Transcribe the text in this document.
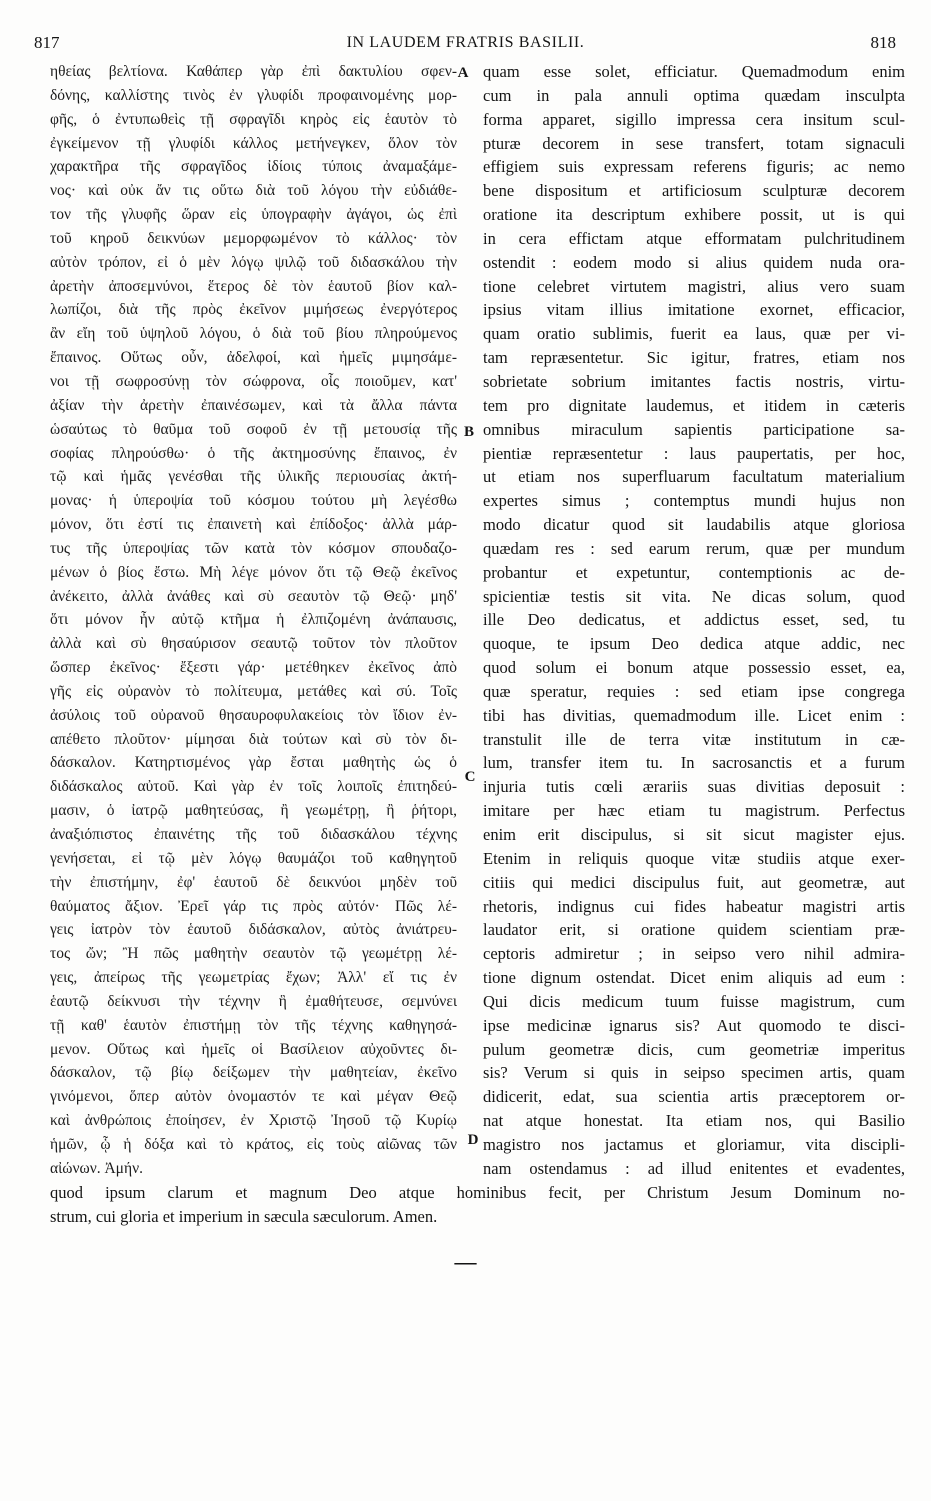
817	IN LAUDEM FRATRIS BASILII.	818
ηθείας βελτίονα. Καθάπερ γὰρ ἐπὶ δακτυλίου σφεν-
δόνης, καλλίστης τινὸς ἐν γλυφίδι προφαινομένης μορ-
φῆς, ὁ ἐντυπωθεὶς τῇ σφραγῖδι κηρὸς εἰς ἑαυτὸν τὸ
ἐγκείμενον τῇ γλυφίδι κάλλος μετήνεγκεν, ὅλον τὸν
χαρακτῆρα τῆς σφραγῖδος ἰδίοις τύποις ἀναμαξάμε-
νος· καὶ οὐκ ἄν τις οὕτω διὰ τοῦ λόγου τὴν εὐδιάθε-
τον τῆς γλυφῆς ὥραν εἰς ὑπογραφὴν ἀγάγοι, ὡς ἐπὶ
τοῦ κηροῦ δεικνύων μεμορφωμένον τὸ κάλλος· τὸν
αὐτὸν τρόπον, εἰ ὁ μὲν λόγῳ ψιλῷ τοῦ διδασκάλου τὴν
ἀρετὴν ἀποσεμνύνοι, ἕτερος δὲ τὸν ἑαυτοῦ βίον καλ-
λωπίζοι, διὰ τῆς πρὸς ἐκεῖνον μιμήσεως ἐνεργότερος
ἂν εἴη τοῦ ὑψηλοῦ λόγου, ὁ διὰ τοῦ βίου πληρούμενος
ἔπαινος. Οὕτως οὖν, ἀδελφοί, καὶ ἡμεῖς μιμησάμε-
νοι τῇ σωφροσύνῃ τὸν σώφρονα, οἷς ποιοῦμεν, κατ'
ἀξίαν τὴν ἀρετὴν ἐπαινέσωμεν, καὶ τὰ ἄλλα πάντα
ὡσαύτως τὸ θαῦμα τοῦ σοφοῦ ἐν τῇ μετουσίᾳ τῆς
σοφίας πληρούσθω· ὁ τῆς ἀκτημοσύνης ἔπαινος, ἐν
τῷ καὶ ἡμᾶς γενέσθαι τῆς ὑλικῆς περιουσίας ἀκτή-
μονας· ἡ ὑπεροψία τοῦ κόσμου τούτου μὴ λεγέσθω
μόνον, ὅτι ἐστί τις ἐπαινετὴ καὶ ἐπίδοξος· ἀλλὰ μάρ-
τυς τῆς ὑπεροψίας τῶν κατὰ τὸν κόσμον σπουδαζο-
μένων ὁ βίος ἔστω. Μὴ λέγε μόνον ὅτι τῷ Θεῷ ἐκεῖνος
ἀνέκειτο, ἀλλὰ ἀνάθες καὶ σὺ σεαυτὸν τῷ Θεῷ· μηδ'
ὅτι μόνον ἦν αὐτῷ κτῆμα ἡ ἐλπιζομένη ἀνάπαυσις,
ἀλλὰ καὶ σὺ θησαύρισον σεαυτῷ τοῦτον τὸν πλοῦτον
ὥσπερ ἐκεῖνος· ἔξεστι γάρ· μετέθηκεν ἐκεῖνος ἀπὸ
γῆς εἰς οὐρανὸν τὸ πολίτευμα, μετάθες καὶ σύ. Τοῖς
ἀσύλοις τοῦ οὐρανοῦ θησαυροφυλακείοις τὸν ἴδιον ἐν-
απέθετο πλοῦτον· μίμησαι διὰ τούτων καὶ σὺ τὸν δι-
δάσκαλον. Κατηρτισμένος γὰρ ἔσται μαθητὴς ὡς ὁ
διδάσκαλος αὐτοῦ. Καὶ γὰρ ἐν τοῖς λοιποῖς ἐπιτηδεύ-
μασιν, ὁ ἰατρῷ μαθητεύσας, ἢ γεωμέτρῃ, ἢ ῥήτορι,
ἀναξιόπιστος ἐπαινέτης τῆς τοῦ διδασκάλου τέχνης
γενήσεται, εἰ τῷ μὲν λόγῳ θαυμάζοι τοῦ καθηγητοῦ
τὴν ἐπιστήμην, ἐφ' ἑαυτοῦ δὲ δεικνύοι μηδὲν τοῦ
θαύματος ἄξιον. Ἐρεῖ γάρ τις πρὸς αὐτόν· Πῶς λέ-
γεις ἰατρὸν τὸν ἑαυτοῦ διδάσκαλον, αὐτὸς ἀνιάτρευ-
τος ὤν; Ἢ πῶς μαθητὴν σεαυτὸν τῷ γεωμέτρῃ λέ-
γεις, ἀπείρως τῆς γεωμετρίας ἔχων; Ἀλλ' εἴ τις ἐν
ἑαυτῷ δείκνυσι τὴν τέχνην ἣ ἐμαθήτευσε, σεμνύνει
τῇ καθ' ἑαυτὸν ἐπιστήμῃ τὸν τῆς τέχνης καθηγησά-
μενον. Οὕτως καὶ ἡμεῖς οἱ Βασίλειον αὐχοῦντες δι-
δάσκαλον, τῷ βίῳ δείξωμεν τὴν μαθητείαν, ἐκεῖνο
γινόμενοι, ὅπερ αὐτὸν ὀνομαστόν τε καὶ μέγαν Θεῷ
καὶ ἀνθρώποις ἐποίησεν, ἐν Χριστῷ Ἰησοῦ τῷ Κυρίῳ
ἡμῶν, ᾧ ἡ δόξα καὶ τὸ κράτος, εἰς τοὺς αἰῶνας τῶν
αἰώνων. Ἀμήν.
A
B
C
D
quam esse solet, efficiatur. Quemadmodum enim
cum in pala annuli optima quædam insculpta
forma apparet, sigillo impressa cera insitum scul-
pturæ decorem in sese transfert, totam signaculi
effigiem suis expressam referens figuris; ac nemo
bene dispositum et artificiosum sculpturæ decorem
oratione ita descriptum exhibere possit, ut is qui
in cera effictam atque efformatam pulchritudinem
ostendit : eodem modo si alius quidem nuda ora-
tione celebret virtutem magistri, alius vero suam
ipsius vitam illius imitatione exornet, efficacior,
quam oratio sublimis, fuerit ea laus, quæ per vi-
tam repræsentetur. Sic igitur, fratres, etiam nos
sobrietate sobrium imitantes factis nostris, virtu-
tem pro dignitate laudemus, et itidem in cæteris
omnibus miraculum sapientis participatione sa-
pientiæ repræsentetur : laus paupertatis, per hoc,
ut etiam nos superfluarum facultatum materialium
expertes simus ; contemptus mundi hujus non
modo dicatur quod sit laudabilis atque gloriosa
quædam res : sed earum rerum, quæ per mundum
probantur et expetuntur, contemptionis ac de-
spicientiæ testis sit vita. Ne dicas solum, quod
ille Deo dedicatus, et addictus esset, sed, tu
quoque, te ipsum Deo dedica atque addic, nec
quod solum ei bonum atque possessio esset, ea,
quæ speratur, requies : sed etiam ipse congrega
tibi has divitias, quemadmodum ille. Licet enim :
transtulit ille de terra vitæ institutum in cæ-
lum, transfer item tu. In sacrosanctis et a furum
injuria tutis cœli ærariis suas divitias deposuit :
imitare per hæc etiam tu magistrum. Perfectus
enim erit discipulus, si sit sicut magister ejus.
Etenim in reliquis quoque vitæ studiis atque exer-
citiis qui medici discipulus fuit, aut geometræ, aut
rhetoris, indignus cui fides habeatur magistri artis
laudator erit, si oratione quidem scientiam præ-
ceptoris admiretur ; in seipso vero nihil admira-
tione dignum ostendat. Dicet enim aliquis ad eum :
Qui dicis medicum tuum fuisse magistrum, cum
ipse medicinæ ignarus sis? Aut quomodo te disci-
pulum geometræ dicis, cum geometriæ imperitus
sis? Verum si quis in seipso specimen artis, quam
didicerit, edat, sua scientia artis præceptorem or-
nat atque honestat. Ita etiam nos, qui Basilio
magistro nos jactamus et gloriamur, vita discipli-
nam ostendamus : ad illud enitentes et evadentes,
quod ipsum clarum et magnum Deo atque hominibus fecit, per Christum Jesum Dominum no-
strum, cui gloria et imperium in sæcula sæculorum. Amen.
—
